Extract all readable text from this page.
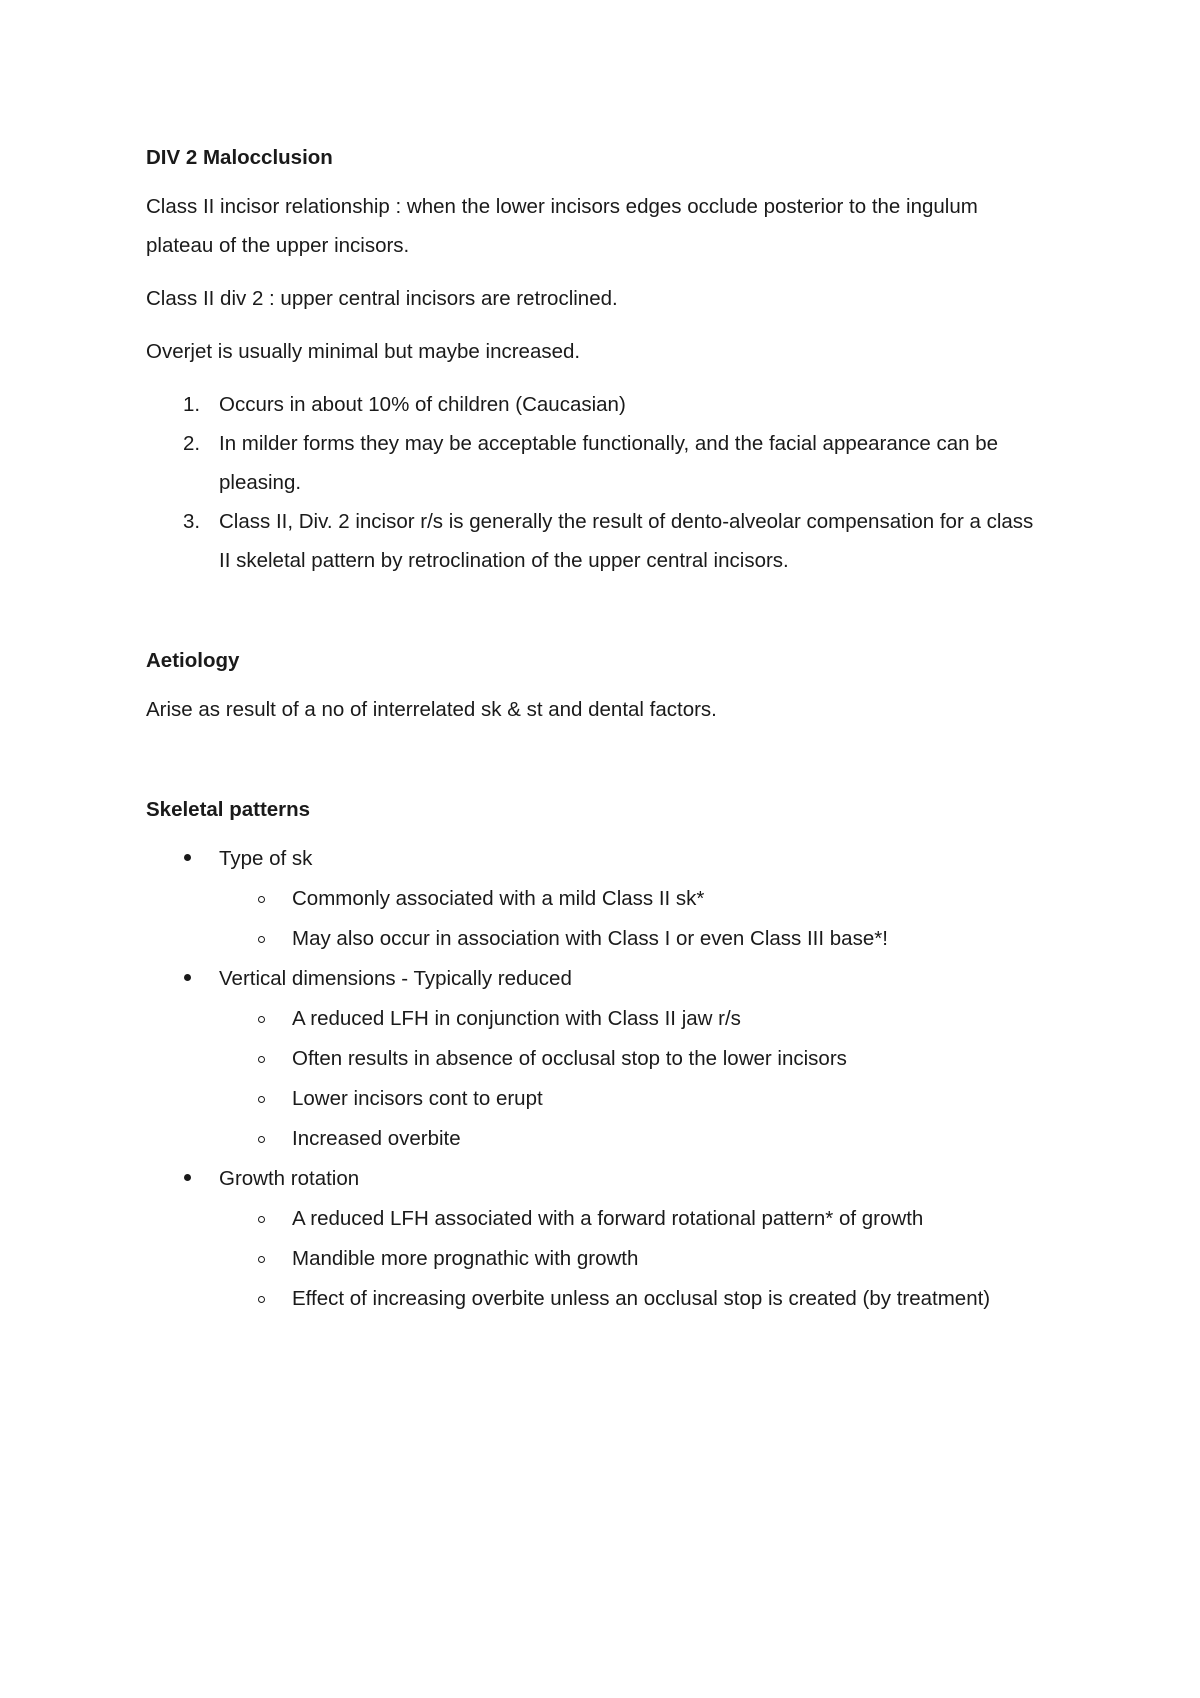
DIV 2 Malocclusion

Class II incisor relationship : when the lower incisors edges occlude posterior to the ingulum plateau of the upper incisors.

Class II div 2 : upper central incisors are retroclined.

Overjet is usually minimal but maybe increased.

1. Occurs in about 10% of children (Caucasian)
2. In milder forms they may be acceptable functionally, and the facial appearance can be pleasing.
3. Class II, Div. 2 incisor r/s is generally the result of dento-alveolar compensation for a class II skeletal pattern by retroclination of the upper central incisors.

Aetiology

Arise as result of a no of interrelated sk & st and dental factors.

Skeletal patterns

Type of sk
Commonly associated with a mild Class II sk*
May also occur in association with Class I or even Class III base*!
Vertical dimensions - Typically reduced
A reduced LFH in conjunction with Class II jaw r/s
Often results in absence of occlusal stop to the lower incisors
Lower incisors cont to erupt
Increased overbite
Growth rotation
A reduced LFH associated with a forward rotational pattern* of growth
Mandible more prognathic with growth
Effect of increasing overbite unless an occlusal stop is created (by treatment)
